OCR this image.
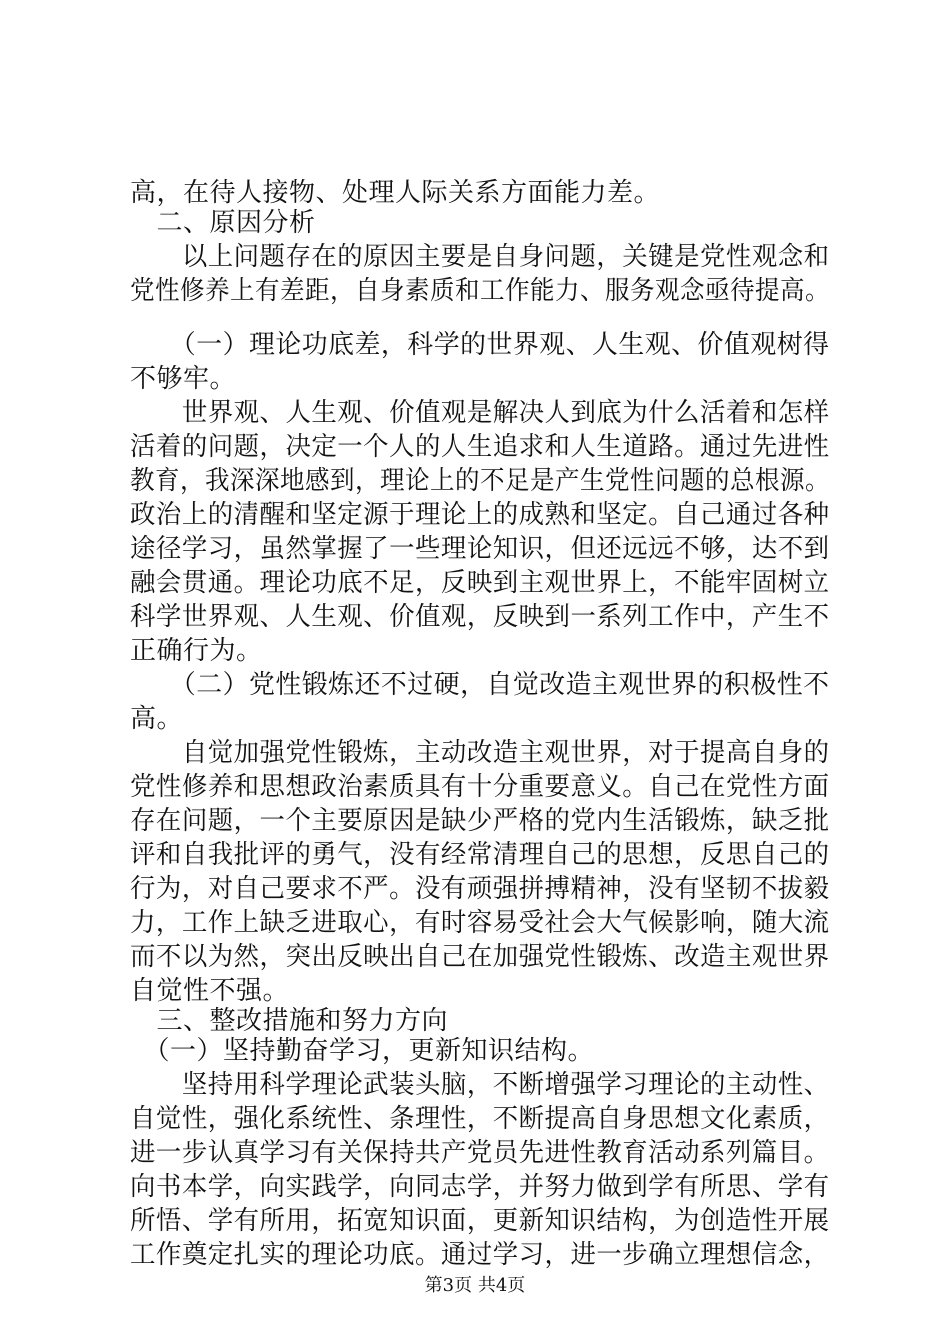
高，在待人接物、处理人际关系方面能力差。
　二、原因分析
　　以上问题存在的原因主要是自身问题，关键是党性观念和
党性修养上有差距，自身素质和工作能力、服务观念亟待提高。
　　（一）理论功底差，科学的世界观、人生观、价值观树得
不够牢。
　　世界观、人生观、价值观是解决人到底为什么活着和怎样
活着的问题，决定一个人的人生追求和人生道路。通过先进性
教育，我深深地感到，理论上的不足是产生党性问题的总根源。
政治上的清醒和坚定源于理论上的成熟和坚定。自己通过各种
途径学习，虽然掌握了一些理论知识，但还远远不够，达不到
融会贯通。理论功底不足，反映到主观世界上，不能牢固树立
科学世界观、人生观、价值观，反映到一系列工作中，产生不
正确行为。
　　（二）党性锻炼还不过硬，自觉改造主观世界的积极性不
高。
　　自觉加强党性锻炼，主动改造主观世界，对于提高自身的
党性修养和思想政治素质具有十分重要意义。自己在党性方面
存在问题，一个主要原因是缺少严格的党内生活锻炼，缺乏批
评和自我批评的勇气，没有经常清理自己的思想，反思自己的
行为，对自己要求不严。没有顽强拼搏精神，没有坚韧不拔毅
力，工作上缺乏进取心，有时容易受社会大气候影响，随大流
而不以为然，突出反映出自己在加强党性锻炼、改造主观世界
自觉性不强。
　三、整改措施和努力方向
　（一）坚持勤奋学习，更新知识结构。
　　坚持用科学理论武装头脑，不断增强学习理论的主动性、
自觉性，强化系统性、条理性，不断提高自身思想文化素质，
进一步认真学习有关保持共产党员先进性教育活动系列篇目。
向书本学，向实践学，向同志学，并努力做到学有所思、学有
所悟、学有所用，拓宽知识面，更新知识结构，为创造性开展
工作奠定扎实的理论功底。通过学习，进一步确立理想信念，
第3页 共4页
